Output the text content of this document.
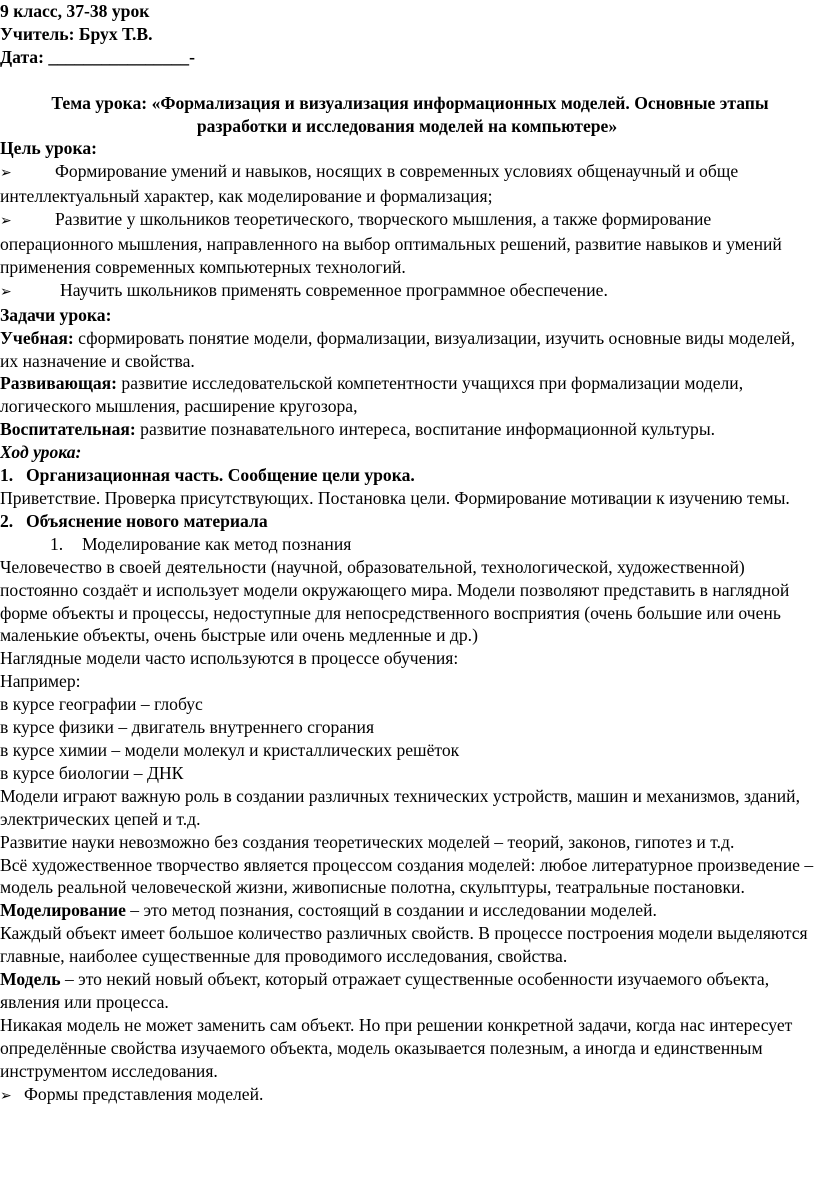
9 класс, 37-38 урок

Учитель: Брух Т.В.

Дата: ________________-

Тема урока: «Формализация и визуализация информационных моделей. Основные этапы

разработки и исследования моделей на компьютере»

Цель урока:

➢ Формирование умений и навыков, носящих в современных условиях общенаучный и обще интеллектуальный характер, как моделирование и формализация;

➢ Развитие у школьников теоретического, творческого мышления, а также формирование операционного мышления, направленного на выбор оптимальных решений, развитие навыков и умений применения современных компьютерных технологий.

➢	Научить школьников применять современное программное обеспечение.

Задачи урока:

Учебная: сформировать понятие модели, формализации, визуализации, изучить основные виды моделей, их назначение и свойства.

Развивающая: развитие исследовательской компетентности учащихся при формализации модели, логического мышления, расширение кругозора,

Воспитательная: развитие познавательного интереса, воспитание информационной культуры.

Ход урока:

1. Организационная часть. Сообщение цели урока.

Приветствие. Проверка присутствующих. Постановка цели. Формирование мотивации к изучению темы.

2. Объяснение нового материала
1.	Моделирование как метод познания

Человечество в своей деятельности (научной, образовательной, технологической, художественной) постоянно создаёт и использует модели окружающего мира. Модели позволяют представить в наглядной форме объекты и процессы, недоступные для непосредственного восприятия (очень большие или очень маленькие объекты, очень быстрые или очень медленные и др.)

Наглядные модели часто используются в процессе обучения:

Например:

в курсе географии – глобус

в курсе физики – двигатель внутреннего сгорания

в курсе химии – модели молекул и кристаллических решёток

в курсе биологии – ДНК

Модели играют важную роль в создании различных технических устройств, машин и механизмов, зданий, электрических цепей и т.д.

Развитие науки невозможно без создания теоретических моделей – теорий, законов, гипотез и т.д.

Всё художественное творчество является процессом создания моделей: любое литературное произведение – модель реальной человеческой жизни, живописные полотна, скульптуры, театральные постановки.

Моделирование – это метод познания, состоящий в создании и исследовании моделей.

Каждый объект имеет большое количество различных свойств. В процессе построения модели выделяются главные, наиболее существенные для проводимого исследования, свойства.

Модель – это некий новый объект, который отражает существенные особенности изучаемого объекта, явления или процесса.

Никакая модель не может заменить сам объект. Но при решении конкретной задачи, когда нас интересует определённые свойства изучаемого объекта, модель оказывается полезным, а иногда и единственным инструментом исследования.

➢ Формы представления моделей.
